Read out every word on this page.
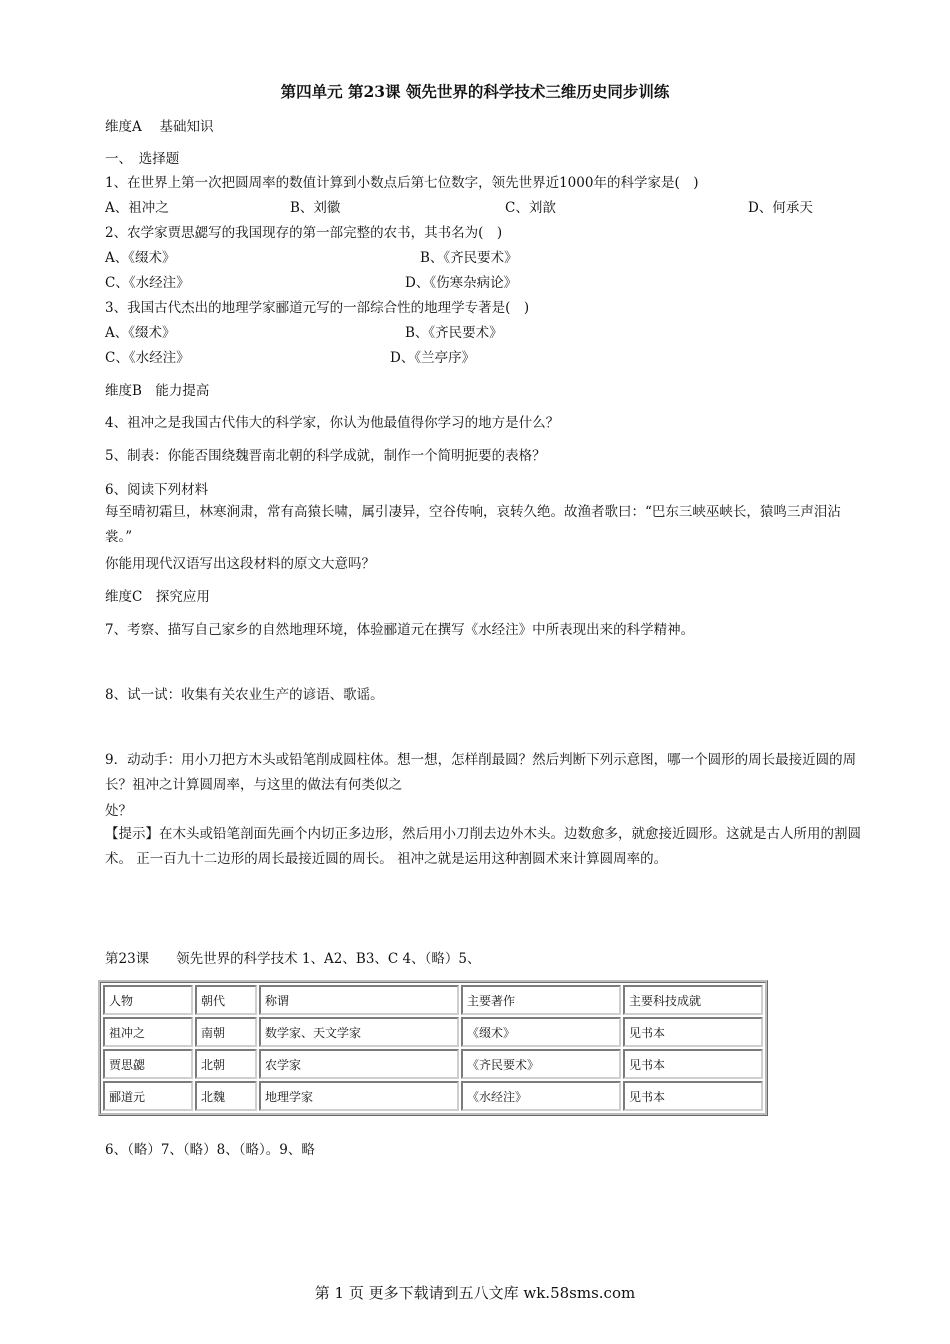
第四单元 第23课 领先世界的科学技术三维历史同步训练
维度A　 基础知识
一、　选择题
1、在世界上第一次把圆周率的数值计算到小数点后第七位数字，领先世界近1000年的科学家是(　)
A、祖冲之	B、刘徽	C、刘歆	D、何承天
2、农学家贾思勰写的我国现存的第一部完整的农书，其书名为(　)
A、《缀术》	B、《齐民要术》
C、《水经注》	D、《伤寒杂病论》
3、我国古代杰出的地理学家郦道元写的一部综合性的地理学专著是(　)
A、《缀术》	B、《齐民要术》
C、《水经注》	D、《兰亭序》
维度B　能力提高
4、祖冲之是我国古代伟大的科学家，你认为他最值得你学习的地方是什么？
5、制表：你能否围绕魏晋南北朝的科学成就，制作一个简明扼要的表格？
6、阅读下列材料
每至晴初霜旦，林寒涧肃，常有高猿长啸，属引凄异，空谷传响，哀转久绝。故渔者歌曰：“巴东三峡巫峡长，猿鸣三声泪沾裳。”
你能用现代汉语写出这段材料的原文大意吗？
维度C　探究应用
7、考察、描写自己家乡的自然地理环境，体验郦道元在撰写《水经注》中所表现出来的科学精神。
8、试一试：收集有关农业生产的谚语、歌谣。
9．动动手：用小刀把方木头或铅笔削成圆柱体。想一想，怎样削最圆？然后判断下列示意图，哪一个圆形的周长最接近圆的周长？祖冲之计算圆周率，与这里的做法有何类似之
处？
【提示】在木头或铅笔剖面先画个内切正多边形，然后用小刀削去边外木头。边数愈多，就愈接近圆形。这就是古人所用的割圆术。 正一百九十二边形的周长最接近圆的周长。 祖冲之就是运用这种割圆术来计算圆周率的。
第23课　　领先世界的科学技术 1、A2、B3、C 4、（略）5、
人物	朝代	称谓	主要著作	主要科技成就
祖冲之	南朝	数学家、天文学家	《缀术》	见书本
贾思勰	北朝	农学家	《齐民要术》	见书本
郦道元	北魏	地理学家	《水经注》	见书本
6、（略）7、（略）8、（略）。9、略
第 1 页 更多下载请到五八文库 wk.58sms.com
